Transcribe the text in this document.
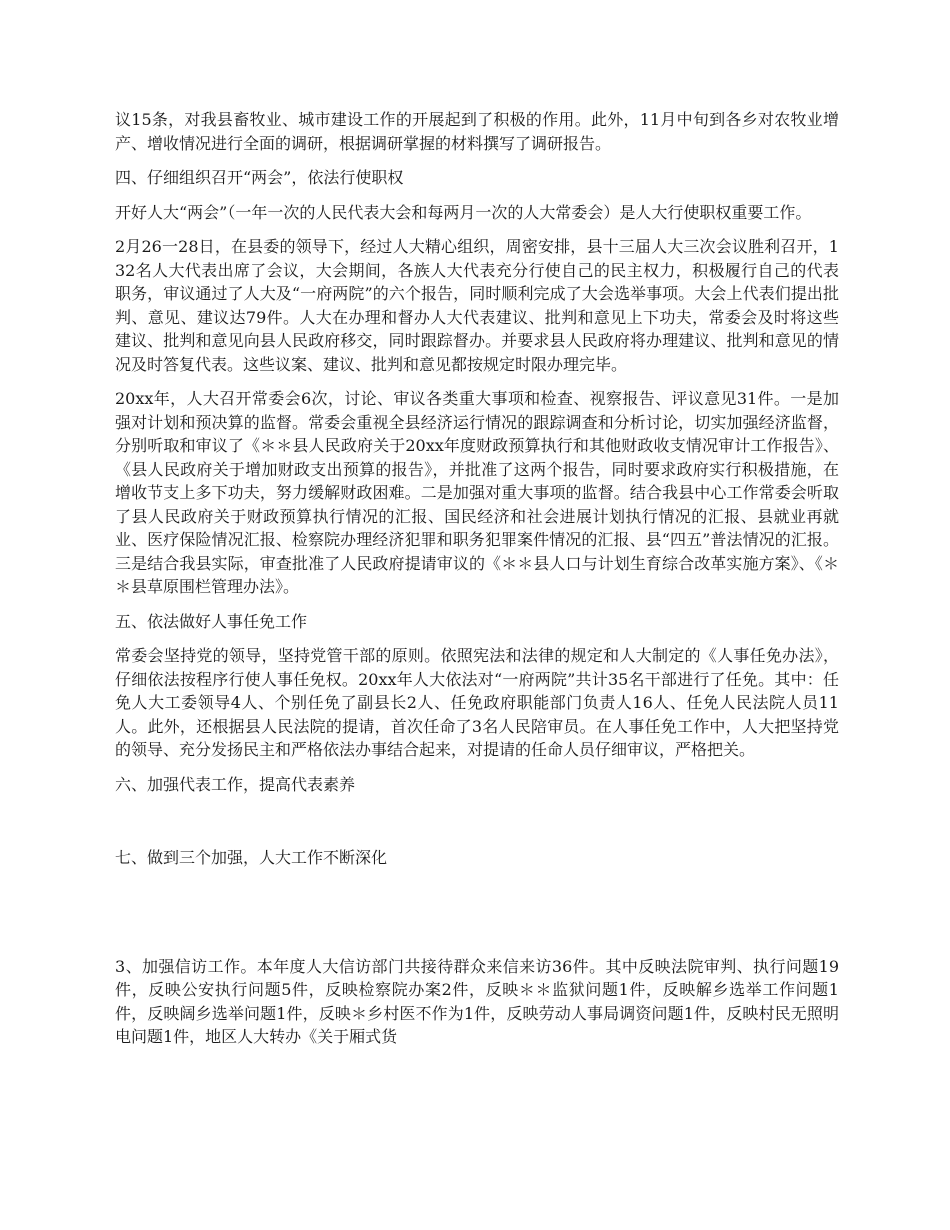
议15条，对我县畜牧业、城市建设工作的开展起到了积极的作用。此外，11月中旬到各乡对农牧业增产、增收情况进行全面的调研，根据调研掌握的材料撰写了调研报告。

四、仔细组织召开“两会”，依法行使职权

开好人大“两会”（一年一次的人民代表大会和每两月一次的人大常委会）是人大行使职权重要工作。

2月26一28日，在县委的领导下，经过人大精心组织，周密安排，县十三届人大三次会议胜利召开，132名人大代表出席了会议，大会期间，各族人大代表充分行使自己的民主权力，积极履行自己的代表职务，审议通过了人大及“一府两院”的六个报告，同时顺利完成了大会选举事项。大会上代表们提出批判、意见、建议达79件。人大在办理和督办人大代表建议、批判和意见上下功夫，常委会及时将这些建议、批判和意见向县人民政府移交，同时跟踪督办。并要求县人民政府将办理建议、批判和意见的情况及时答复代表。这些议案、建议、批判和意见都按规定时限办理完毕。

20xx年，人大召开常委会6次，讨论、审议各类重大事项和检查、视察报告、评议意见31件。一是加强对计划和预决算的监督。常委会重视全县经济运行情况的跟踪调查和分析讨论，切实加强经济监督，分别听取和审议了《＊＊县人民政府关于20xx年度财政预算执行和其他财政收支情况审计工作报告》、《县人民政府关于增加财政支出预算的报告》，并批准了这两个报告，同时要求政府实行积极措施，在增收节支上多下功夫，努力缓解财政困难。二是加强对重大事项的监督。结合我县中心工作常委会听取了县人民政府关于财政预算执行情况的汇报、国民经济和社会进展计划执行情况的汇报、县就业再就业、医疗保险情况汇报、检察院办理经济犯罪和职务犯罪案件情况的汇报、县“四五”普法情况的汇报。三是结合我县实际，审查批准了人民政府提请审议的《＊＊县人口与计划生育综合改革实施方案》、《＊＊县草原围栏管理办法》。

五、依法做好人事任免工作

常委会坚持党的领导，坚持党管干部的原则。依照宪法和法律的规定和人大制定的《人事任免办法》，仔细依法按程序行使人事任免权。20xx年人大依法对“一府两院”共计35名干部进行了任免。其中：任免人大工委领导4人、个别任免了副县长2人、任免政府职能部门负责人16人、任免人民法院人员11人。此外，还根据县人民法院的提请，首次任命了3名人民陪审员。在人事任免工作中，人大把坚持党的领导、充分发扬民主和严格依法办事结合起来，对提请的任命人员仔细审议，严格把关。

六、加强代表工作，提高代表素养

七、做到三个加强，人大工作不断深化

3、加强信访工作。本年度人大信访部门共接待群众来信来访36件。其中反映法院审判、执行问题19件，反映公安执行问题5件，反映检察院办案2件，反映＊＊监狱问题1件，反映解乡选举工作问题1件，反映阔乡选举问题1件，反映＊乡村医不作为1件，反映劳动人事局调资问题1件，反映村民无照明电问题1件，地区人大转办《关于厢式货
